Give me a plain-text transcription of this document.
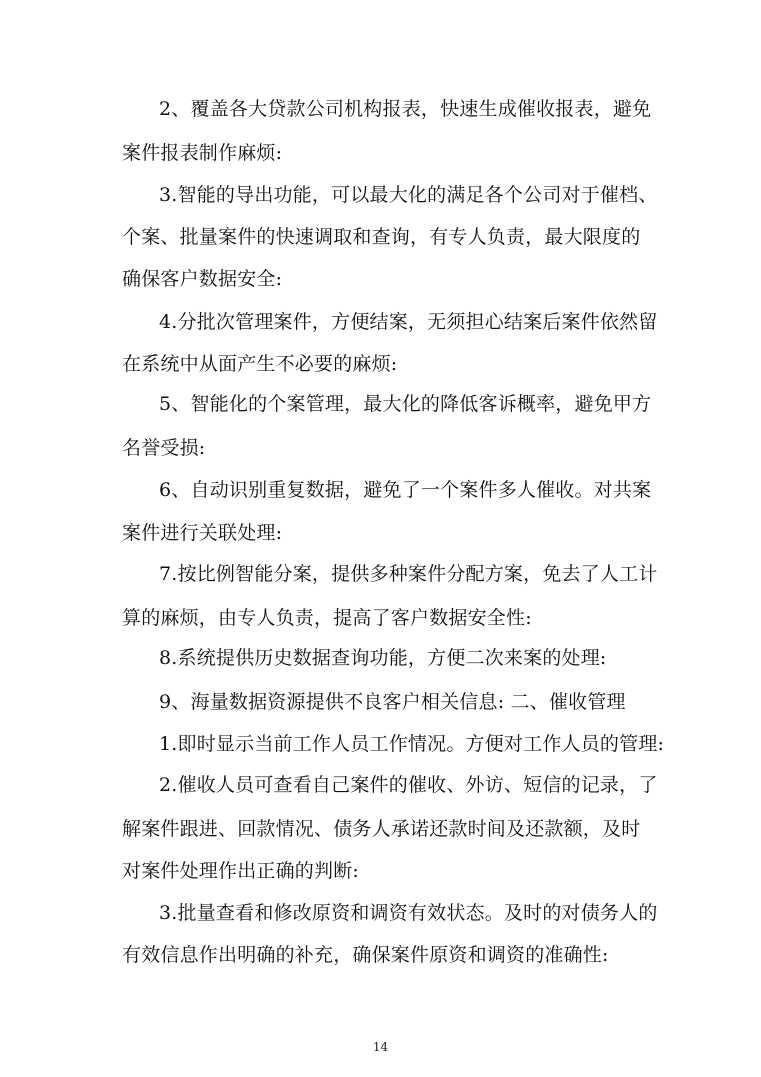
2、覆盖各大贷款公司机构报表，快速生成催收报表，避免
案件报表制作麻烦:
3.智能的导出功能，可以最大化的满足各个公司对于催档、
个案、批量案件的快速调取和查询，有专人负责，最大限度的
确保客户数据安全:
4.分批次管理案件，方便结案，无须担心结案后案件依然留
在系统中从面产生不必要的麻烦:
5、智能化的个案管理，最大化的降低客诉概率，避免甲方
名誉受损:
6、自动识别重复数据，避免了一个案件多人催收。对共案
案件进行关联处理:
7.按比例智能分案，提供多种案件分配方案，免去了人工计
算的麻烦，由专人负责，提高了客户数据安全性:
8.系统提供历史数据查询功能，方便二次来案的处理:
9、海量数据资源提供不良客户相关信息: 二、催收管理
1.即时显示当前工作人员工作情况。方便对工作人员的管理:
2.催收人员可查看自己案件的催收、外访、短信的记录，了
解案件跟进、回款情况、债务人承诺还款时间及还款额，及时
对案件处理作出正确的判断:
3.批量查看和修改原资和调资有效状态。及时的对债务人的
有效信息作出明确的补充，确保案件原资和调资的准确性:
14
